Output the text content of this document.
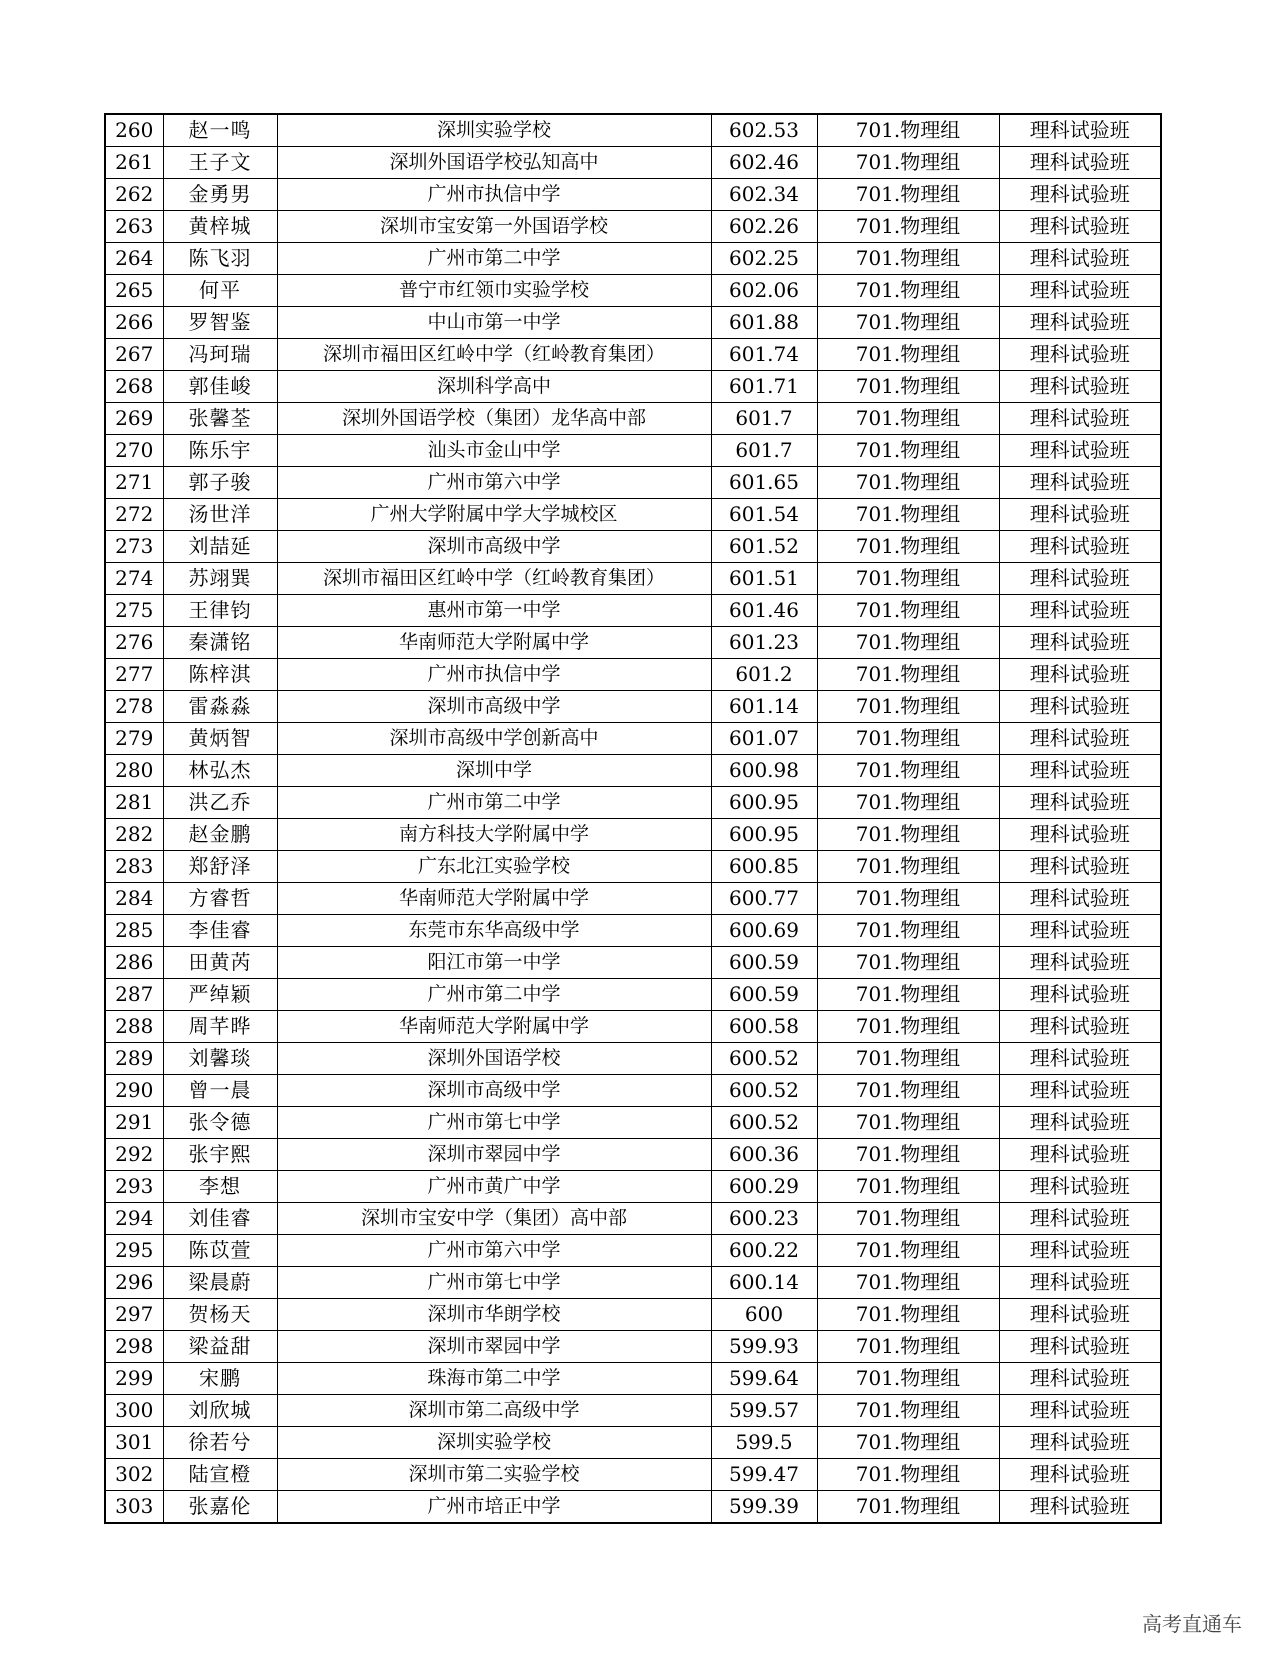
260	赵一鸣	深圳实验学校	602.53	701.物理组	理科试验班
261	王子文	深圳外国语学校弘知高中	602.46	701.物理组	理科试验班
262	金勇男	广州市执信中学	602.34	701.物理组	理科试验班
263	黄梓城	深圳市宝安第一外国语学校	602.26	701.物理组	理科试验班
264	陈飞羽	广州市第二中学	602.25	701.物理组	理科试验班
265	何平	普宁市红领巾实验学校	602.06	701.物理组	理科试验班
266	罗智鉴	中山市第一中学	601.88	701.物理组	理科试验班
267	冯珂瑞	深圳市福田区红岭中学（红岭教育集团）	601.74	701.物理组	理科试验班
268	郭佳峻	深圳科学高中	601.71	701.物理组	理科试验班
269	张馨荃	深圳外国语学校（集团）龙华高中部	601.7	701.物理组	理科试验班
270	陈乐宇	汕头市金山中学	601.7	701.物理组	理科试验班
271	郭子骏	广州市第六中学	601.65	701.物理组	理科试验班
272	汤世洋	广州大学附属中学大学城校区	601.54	701.物理组	理科试验班
273	刘喆延	深圳市高级中学	601.52	701.物理组	理科试验班
274	苏翊巽	深圳市福田区红岭中学（红岭教育集团）	601.51	701.物理组	理科试验班
275	王律钧	惠州市第一中学	601.46	701.物理组	理科试验班
276	秦潇铭	华南师范大学附属中学	601.23	701.物理组	理科试验班
277	陈梓淇	广州市执信中学	601.2	701.物理组	理科试验班
278	雷淼淼	深圳市高级中学	601.14	701.物理组	理科试验班
279	黄炳智	深圳市高级中学创新高中	601.07	701.物理组	理科试验班
280	林弘杰	深圳中学	600.98	701.物理组	理科试验班
281	洪乙乔	广州市第二中学	600.95	701.物理组	理科试验班
282	赵金鹏	南方科技大学附属中学	600.95	701.物理组	理科试验班
283	郑舒泽	广东北江实验学校	600.85	701.物理组	理科试验班
284	方睿哲	华南师范大学附属中学	600.77	701.物理组	理科试验班
285	李佳睿	东莞市东华高级中学	600.69	701.物理组	理科试验班
286	田黄芮	阳江市第一中学	600.59	701.物理组	理科试验班
287	严绰颖	广州市第二中学	600.59	701.物理组	理科试验班
288	周芊晔	华南师范大学附属中学	600.58	701.物理组	理科试验班
289	刘馨琰	深圳外国语学校	600.52	701.物理组	理科试验班
290	曾一晨	深圳市高级中学	600.52	701.物理组	理科试验班
291	张令德	广州市第七中学	600.52	701.物理组	理科试验班
292	张宇熙	深圳市翠园中学	600.36	701.物理组	理科试验班
293	李想	广州市黄广中学	600.29	701.物理组	理科试验班
294	刘佳睿	深圳市宝安中学（集团）高中部	600.23	701.物理组	理科试验班
295	陈苡萱	广州市第六中学	600.22	701.物理组	理科试验班
296	梁晨蔚	广州市第七中学	600.14	701.物理组	理科试验班
297	贺杨天	深圳市华朗学校	600	701.物理组	理科试验班
298	梁益甜	深圳市翠园中学	599.93	701.物理组	理科试验班
299	宋鹏	珠海市第二中学	599.64	701.物理组	理科试验班
300	刘欣城	深圳市第二高级中学	599.57	701.物理组	理科试验班
301	徐若兮	深圳实验学校	599.5	701.物理组	理科试验班
302	陆宣橙	深圳市第二实验学校	599.47	701.物理组	理科试验班
303	张嘉伦	广州市培正中学	599.39	701.物理组	理科试验班
高考直通车
